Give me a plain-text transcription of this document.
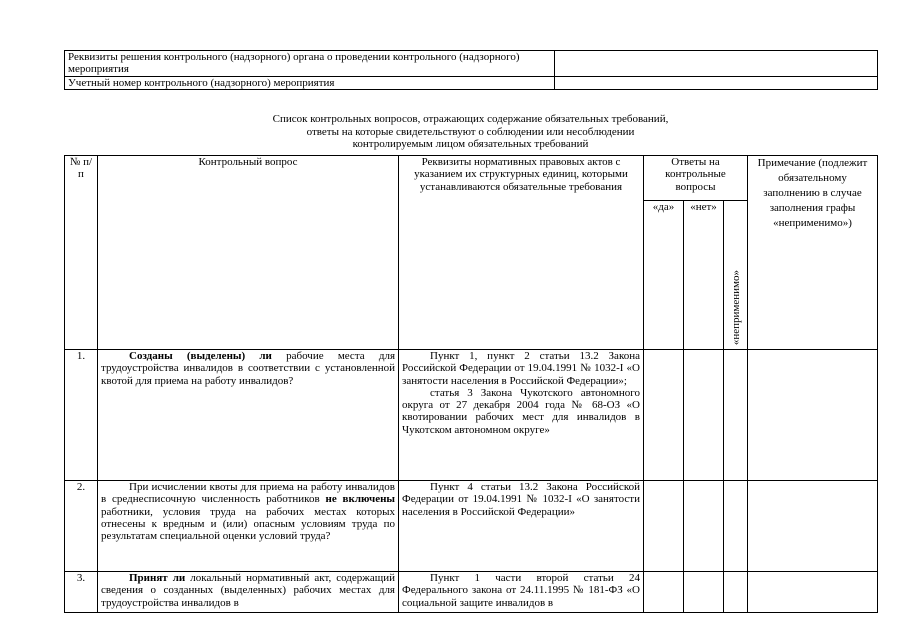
Реквизиты решения контрольного (надзорного) органа о проведении контрольного (надзорного) мероприятия	
Учетный номер контрольного (надзорного) мероприятия	
Список контрольных вопросов, отражающих содержание обязательных требований,
ответы на которые свидетельствуют о соблюдении или несоблюдении
контролируемым лицом обязательных требований
№ п/п	Контрольный вопрос	Реквизиты нормативных правовых актов с указанием их структурных единиц, которыми устанавливаются обязательные требования	Ответы на контрольные вопросы			Примечание (подлежит обязательному заполнению в случае заполнения графы «неприменимо»)
			«да»	«нет»	«неприменимо»	

1.	Созданы (выделены) ли рабочие места для трудоустройства инвалидов в соответствии с установленной квотой для приема на работу инвалидов?	Пункт 1, пункт 2 статьи 13.2 Закона Российской Федерации от 19.04.1991 № 1032-I «О занятости населения в Российской Федерации»;
статья 3 Закона Чукотского автономного округа от 27 декабря 2004 года № 68-ОЗ «О квотировании рабочих мест для инвалидов в Чукотском автономном округе»				

2.	При исчислении квоты для приема на работу инвалидов в среднесписочную численность работников не включены работники, условия труда на рабочих местах которых отнесены к вредным и (или) опасным условиям труда по результатам специальной оценки условий труда?	Пункт 4 статьи 13.2 Закона Российской Федерации от 19.04.1991 № 1032-I «О занятости населения в Российской Федерации»				
3.	Принят ли локальный нормативный акт, содержащий сведения о созданных (выделенных) рабочих местах для трудоустройства инвалидов в	Пункт 1 части второй статьи 24 Федерального закона от 24.11.1995 № 181-ФЗ «О социальной защите инвалидов в				
